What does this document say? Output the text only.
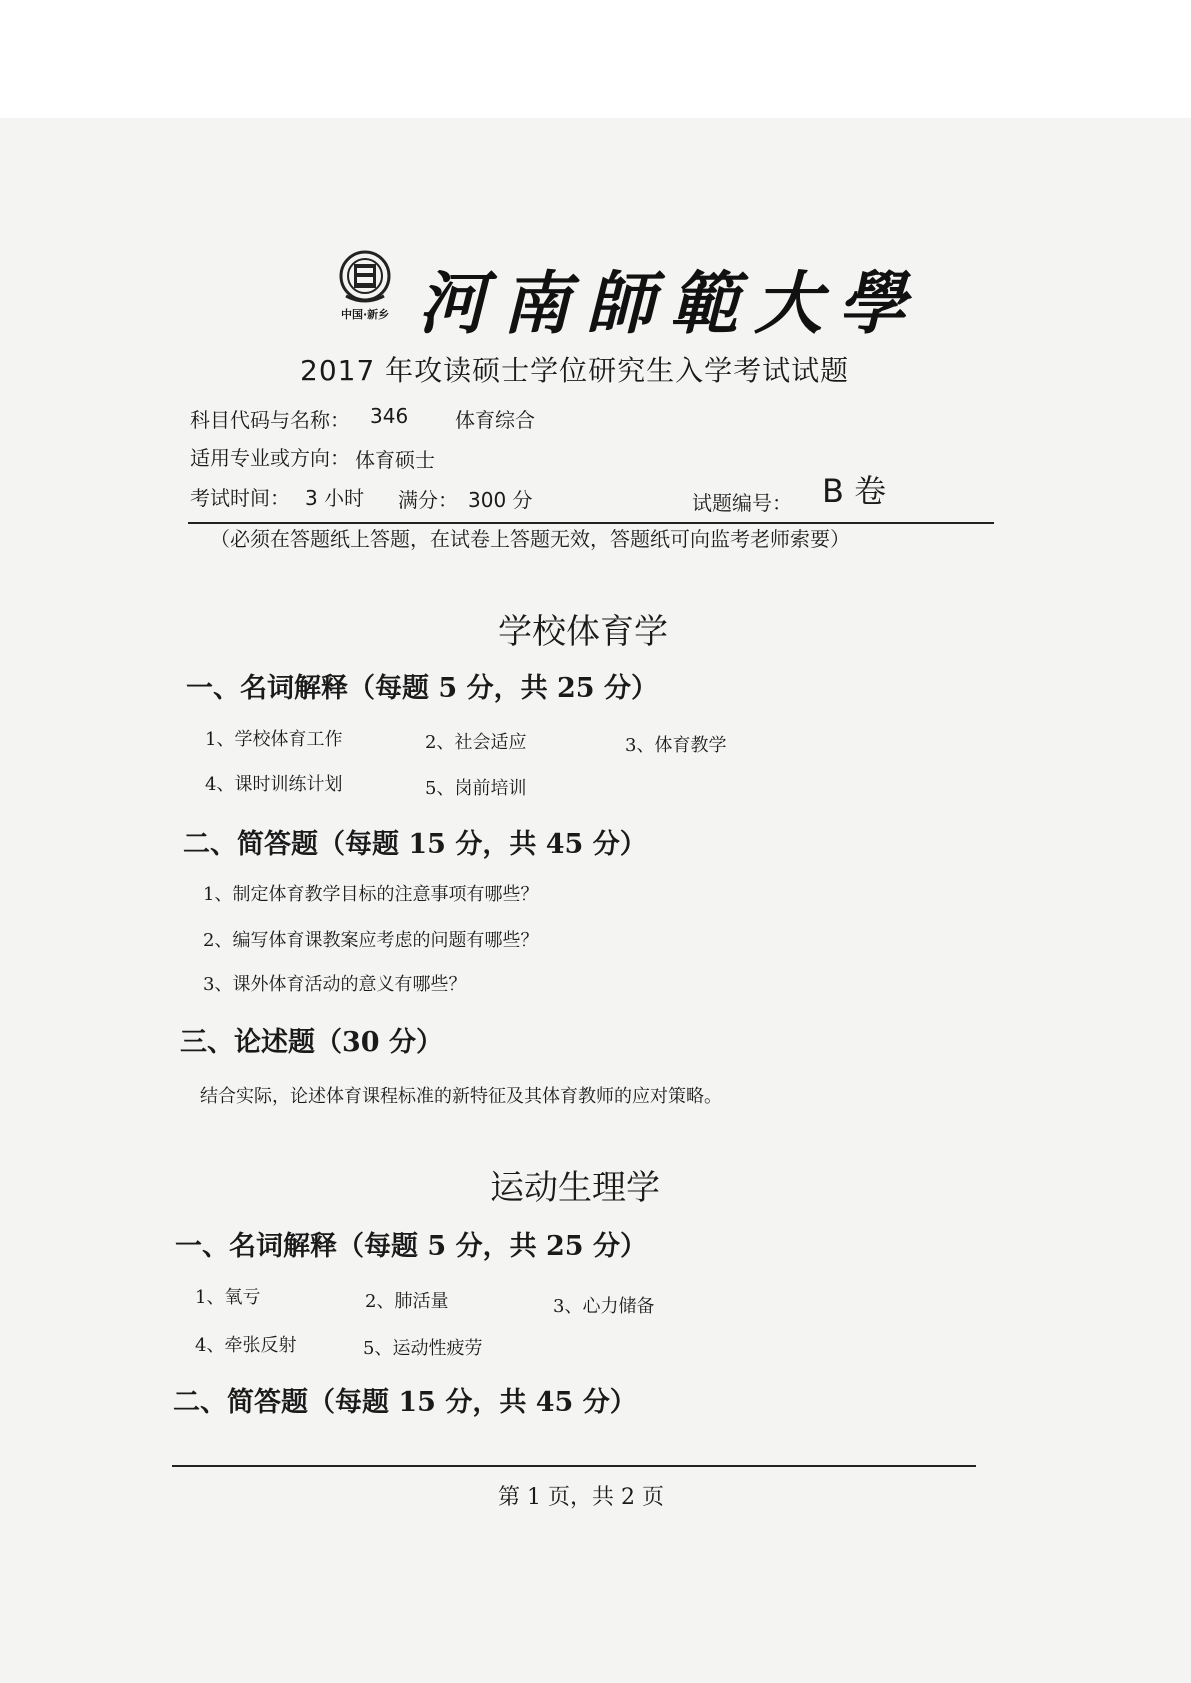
中国·新乡 河南師範大學
2017 年攻读硕士学位研究生入学考试试题
科目代码与名称： 346 体育综合
适用专业或方向： 体育硕士
考试时间： 3 小时 满分： 300 分	试题编号： B 卷
（必须在答题纸上答题，在试卷上答题无效，答题纸可向监考老师索要）
学校体育学
一、名词解释（每题 5 分，共 25 分）
1、学校体育工作	2、社会适应	3、体育教学
4、课时训练计划	5、岗前培训
二、简答题（每题 15 分，共 45 分）
1、制定体育教学目标的注意事项有哪些？
2、编写体育课教案应考虑的问题有哪些？
3、课外体育活动的意义有哪些？
三、论述题（30 分）
结合实际，论述体育课程标准的新特征及其体育教师的应对策略。
运动生理学
一、名词解释（每题 5 分，共 25 分）
1、氧亏	2、肺活量	3、心力储备
4、牵张反射	5、运动性疲劳
二、简答题（每题 15 分，共 45 分）
第 1 页，共 2 页
